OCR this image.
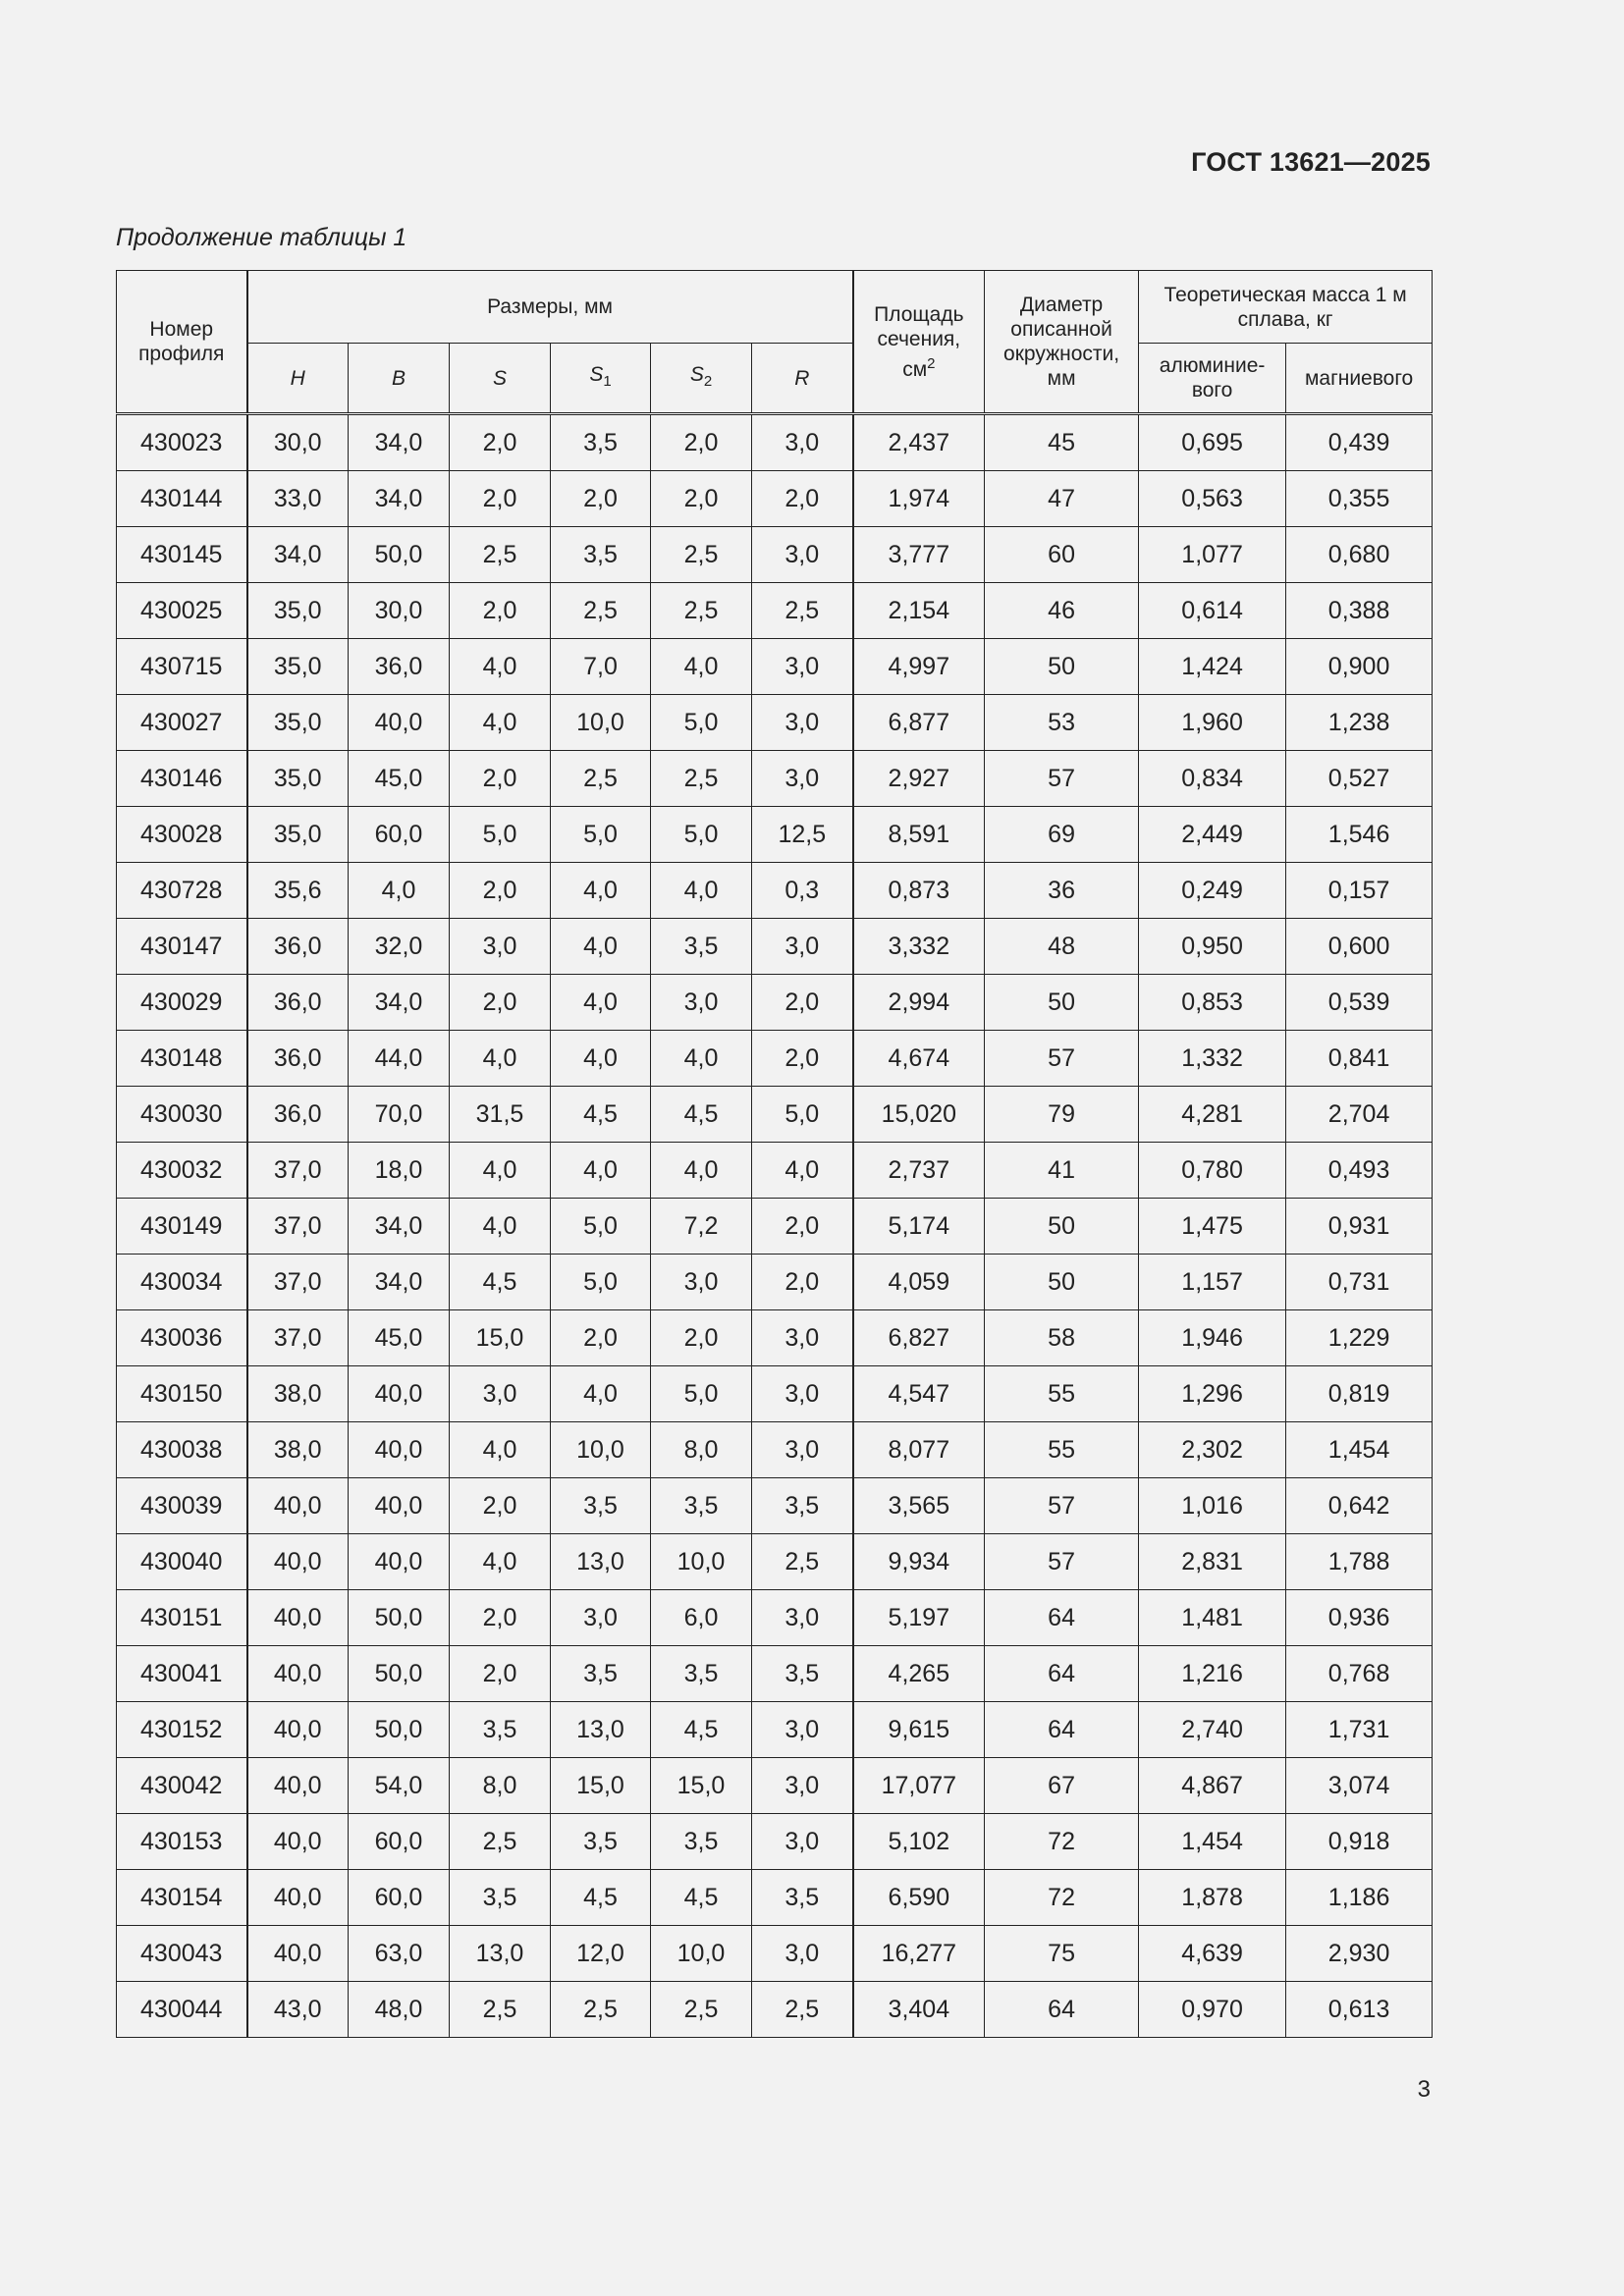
ГОСТ 13621—2025
Продолжение таблицы 1
Номер профиля	Размеры, мм						Площадь сечения, $см^2$	Диаметр описанной окружности, мм	Теоретическая масса 1 м сплава, кг	
	H	B	S	$S_1$	$S_2$	R			алюминие-вого	магниевого
430023	30,0	34,0	2,0	3,5	2,0	3,0	2,437	45	0,695	0,439
430144	33,0	34,0	2,0	2,0	2,0	2,0	1,974	47	0,563	0,355
430145	34,0	50,0	2,5	3,5	2,5	3,0	3,777	60	1,077	0,680
430025	35,0	30,0	2,0	2,5	2,5	2,5	2,154	46	0,614	0,388
430715	35,0	36,0	4,0	7,0	4,0	3,0	4,997	50	1,424	0,900
430027	35,0	40,0	4,0	10,0	5,0	3,0	6,877	53	1,960	1,238
430146	35,0	45,0	2,0	2,5	2,5	3,0	2,927	57	0,834	0,527
430028	35,0	60,0	5,0	5,0	5,0	12,5	8,591	69	2,449	1,546
430728	35,6	4,0	2,0	4,0	4,0	0,3	0,873	36	0,249	0,157
430147	36,0	32,0	3,0	4,0	3,5	3,0	3,332	48	0,950	0,600
430029	36,0	34,0	2,0	4,0	3,0	2,0	2,994	50	0,853	0,539
430148	36,0	44,0	4,0	4,0	4,0	2,0	4,674	57	1,332	0,841
430030	36,0	70,0	31,5	4,5	4,5	5,0	15,020	79	4,281	2,704
430032	37,0	18,0	4,0	4,0	4,0	4,0	2,737	41	0,780	0,493
430149	37,0	34,0	4,0	5,0	7,2	2,0	5,174	50	1,475	0,931
430034	37,0	34,0	4,5	5,0	3,0	2,0	4,059	50	1,157	0,731
430036	37,0	45,0	15,0	2,0	2,0	3,0	6,827	58	1,946	1,229
430150	38,0	40,0	3,0	4,0	5,0	3,0	4,547	55	1,296	0,819
430038	38,0	40,0	4,0	10,0	8,0	3,0	8,077	55	2,302	1,454
430039	40,0	40,0	2,0	3,5	3,5	3,5	3,565	57	1,016	0,642
430040	40,0	40,0	4,0	13,0	10,0	2,5	9,934	57	2,831	1,788
430151	40,0	50,0	2,0	3,0	6,0	3,0	5,197	64	1,481	0,936
430041	40,0	50,0	2,0	3,5	3,5	3,5	4,265	64	1,216	0,768
430152	40,0	50,0	3,5	13,0	4,5	3,0	9,615	64	2,740	1,731
430042	40,0	54,0	8,0	15,0	15,0	3,0	17,077	67	4,867	3,074
430153	40,0	60,0	2,5	3,5	3,5	3,0	5,102	72	1,454	0,918
430154	40,0	60,0	3,5	4,5	4,5	3,5	6,590	72	1,878	1,186
430043	40,0	63,0	13,0	12,0	10,0	3,0	16,277	75	4,639	2,930
430044	43,0	48,0	2,5	2,5	2,5	2,5	3,404	64	0,970	0,613
3
